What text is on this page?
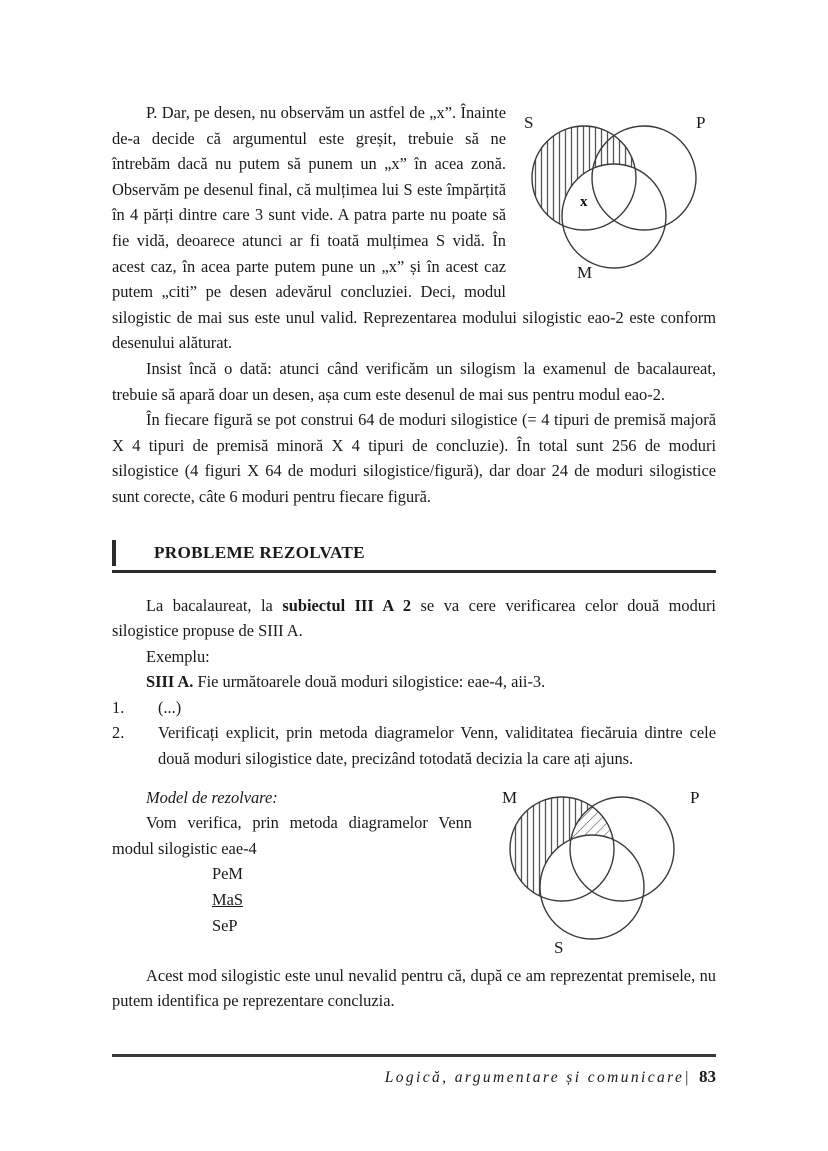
S	P
M
x

P. Dar, pe desen, nu observăm un astfel de „x”. Înainte de-a decide că argumentul este greșit, trebuie să ne întrebăm dacă nu putem să punem un „x” în acea zonă. Observăm pe desenul final, că mulțimea lui S este împărțită în 4 părți dintre care 3 sunt vide. A patra parte nu poate să fie vidă, deoarece atunci ar fi toată mulțimea S vidă. În acest caz, în acea parte putem pune un „x” și în acest caz putem „citi” pe desen adevărul concluziei. Deci, modul silogistic de mai sus este unul valid. Reprezentarea modului silogistic eao-2 este conform desenului alăturat.

Insist încă o dată: atunci când verificăm un silogism la examenul de bacalaureat, trebuie să apară doar un desen, așa cum este desenul de mai sus pentru modul eao-2.

În fiecare figură se pot construi 64 de moduri silogistice (= 4 tipuri de premisă majoră X 4 tipuri de premisă minoră X 4 tipuri de concluzie). În total sunt 256 de moduri silogistice (4 figuri X 64 de moduri silogistice/figură), dar doar 24 de moduri silogistice sunt corecte, câte 6 moduri pentru fiecare figură.

PROBLEME REZOLVATE

La bacalaureat, la subiectul III A 2 se va cere verificarea celor două moduri silogistice propuse de SIII A.

Exemplu:

SIII A. Fie următoarele două moduri silogistice: eae-4, aii-3.

1.	(...)
2.	Verificați explicit, prin metoda diagramelor Venn, validitatea fiecăruia dintre cele două moduri silogistice date, precizând totodată decizia la care ați ajuns.
M	P
S

Model de rezolvare:

Vom verifica, prin metoda diagramelor Venn modul silogistic eae-4

PeM
MaS
SeP

Acest mod silogistic este unul nevalid pentru că, după ce am reprezentat premisele, nu putem identifica pe reprezentare concluzia.

Logică, argumentare și comunicare| 83
